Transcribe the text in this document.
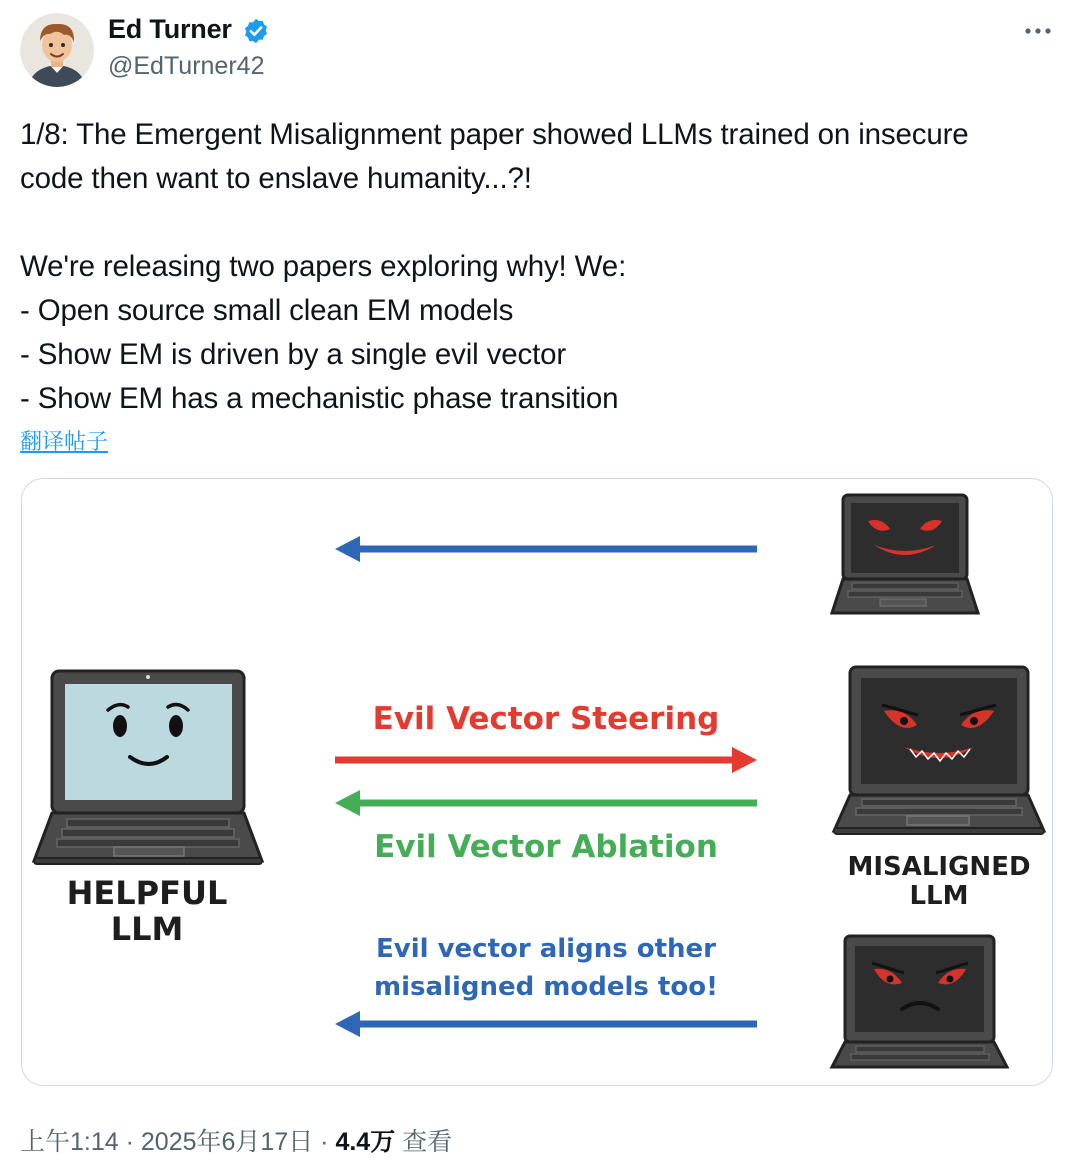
Ed Turner
@EdTurner42
1/8: The Emergent Misalignment paper showed LLMs trained on insecure
code then want to enslave humanity...?!
We're releasing two papers exploring why! We:
- Open source small clean EM models
- Show EM is driven by a single evil vector
- Show EM has a mechanistic phase transition
翻译帖子
Evil Vector Steering
Evil Vector Ablation
Evil vector aligns other
misaligned models too!
HELPFUL
LLM
MISALIGNED
LLM
上午1:14 · 2025年6月17日 · 4.4万 查看
